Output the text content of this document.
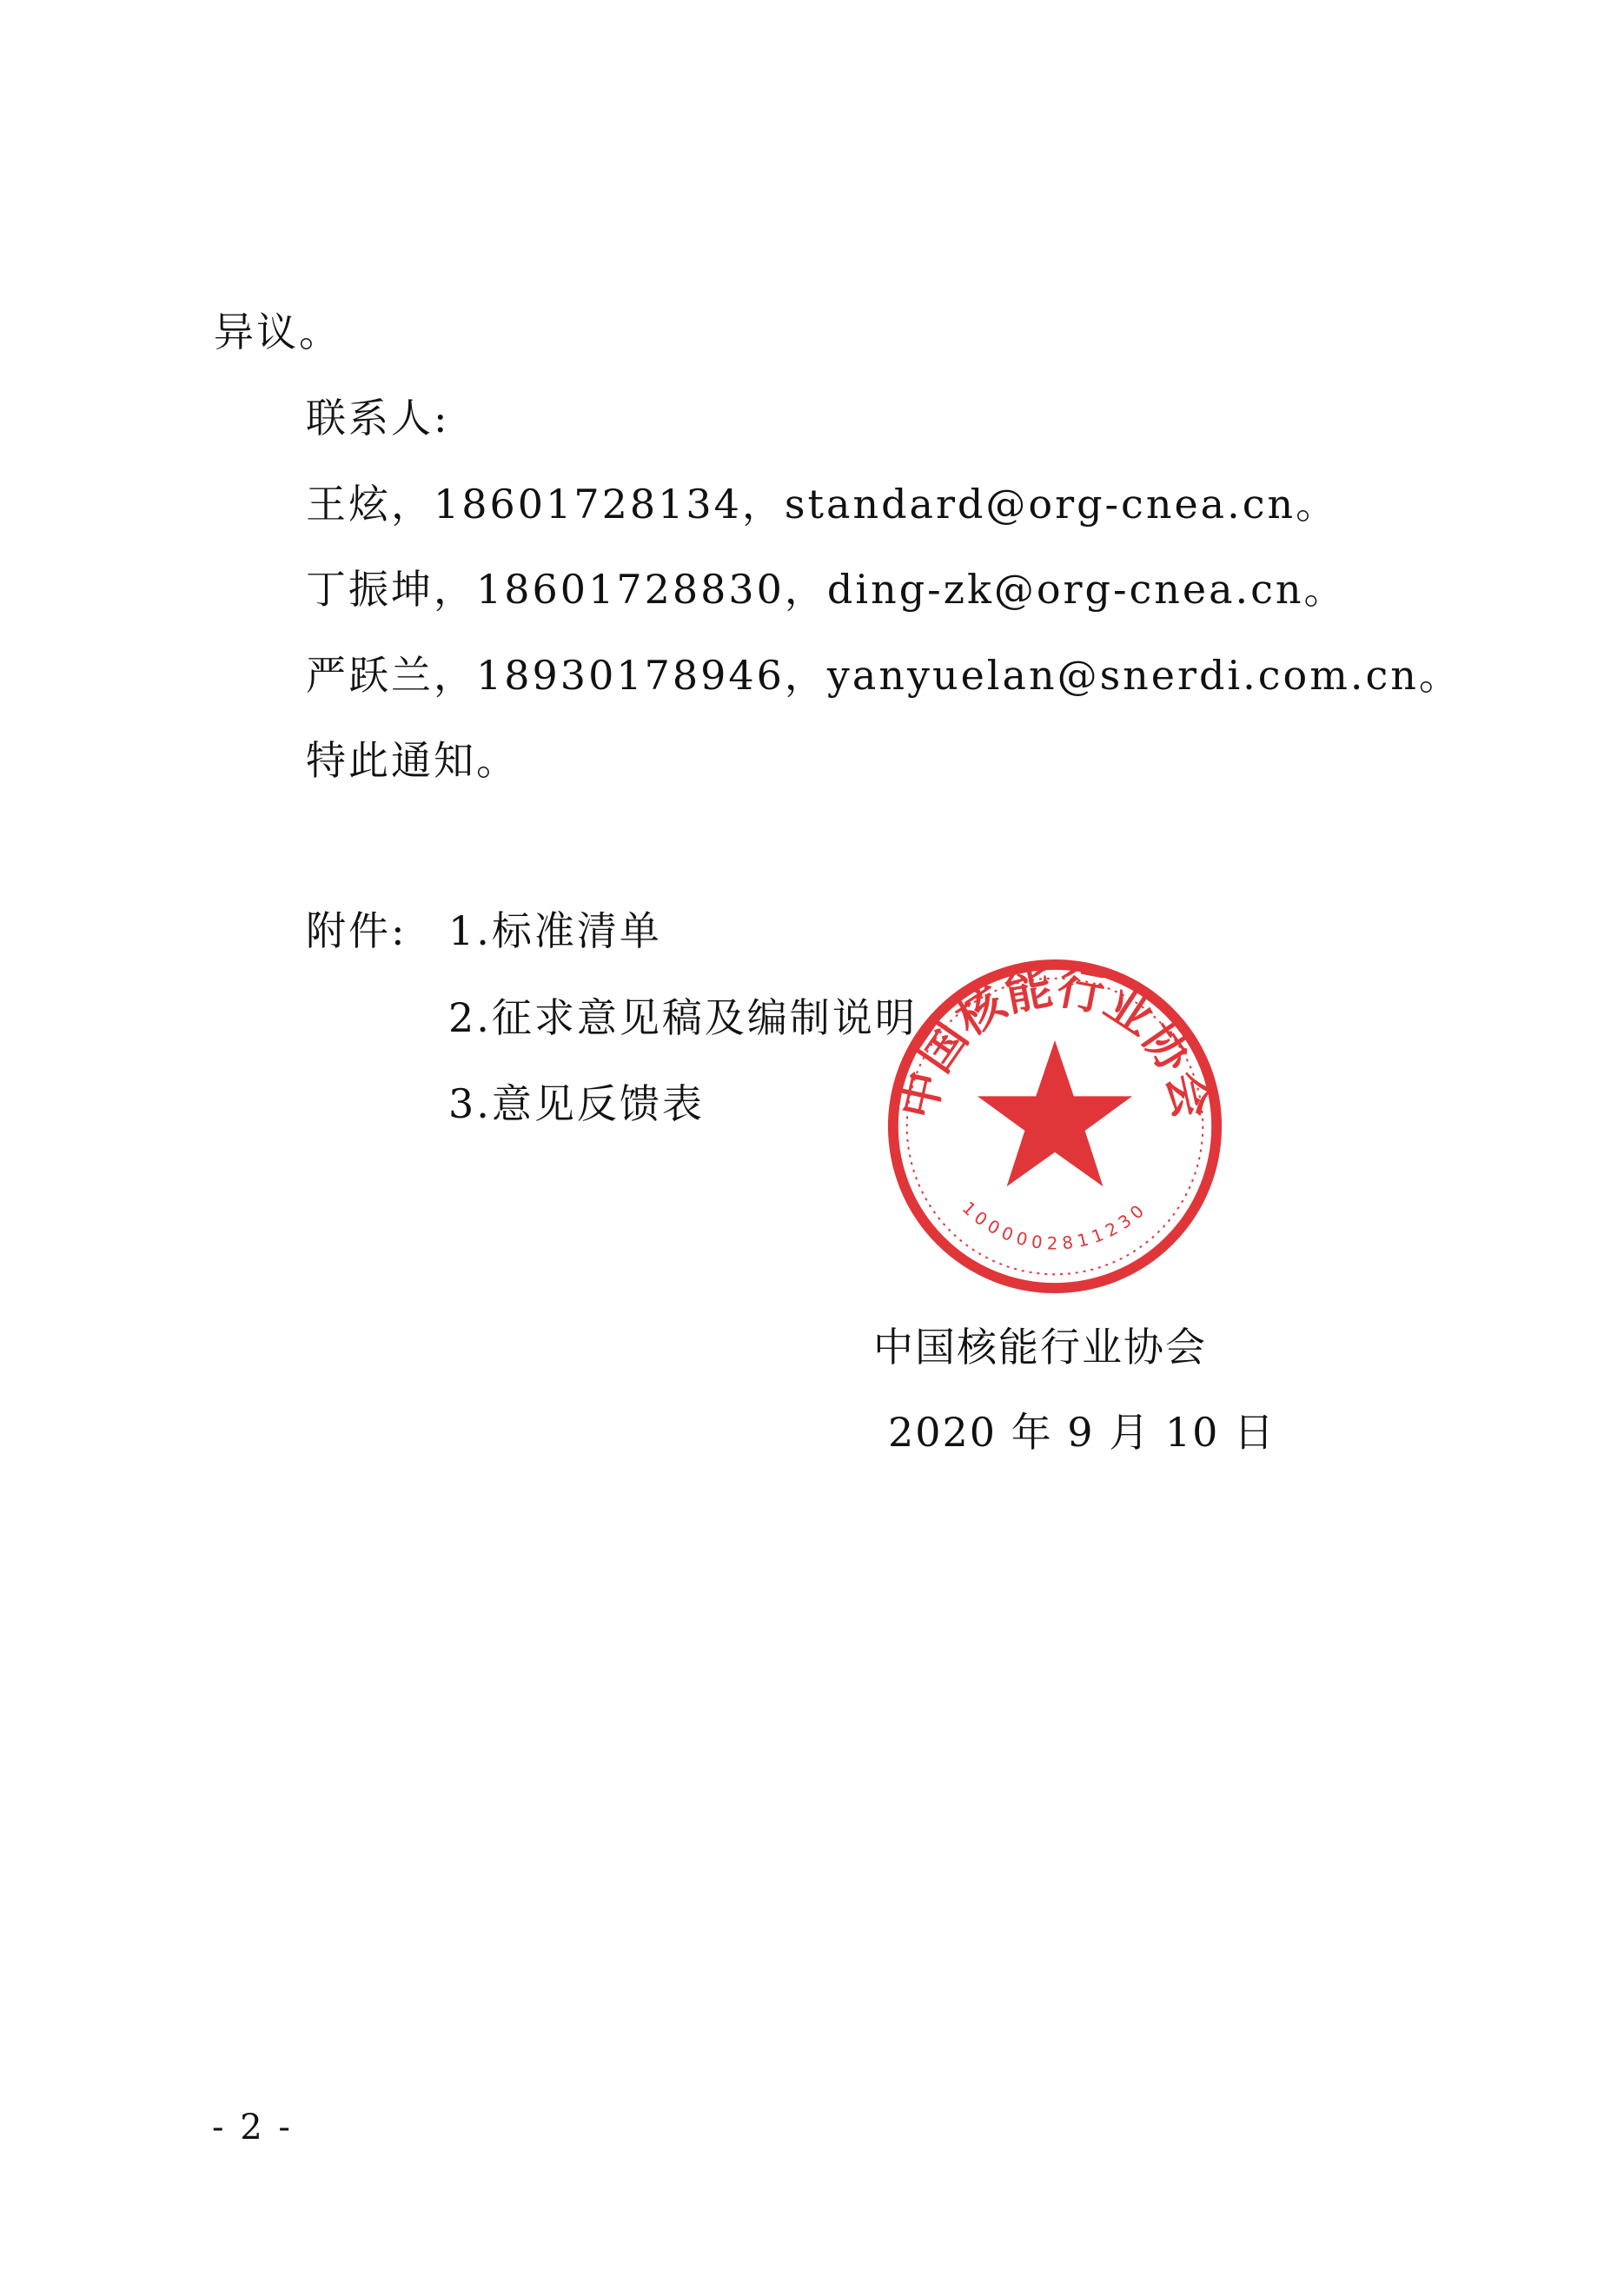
异议。
联系人:
王炫，18601728134，standard@org-cnea.cn。
丁振坤，18601728830，ding-zk@org-cnea.cn。
严跃兰，18930178946，yanyuelan@snerdi.com.cn。
特此通知。
附件: 1.标准清单
2.征求意见稿及编制说明
3.意见反馈表	中国核能行业协会
1000002811230
中国核能行业协会
2020 年 9 月 10 日
- 2 -
